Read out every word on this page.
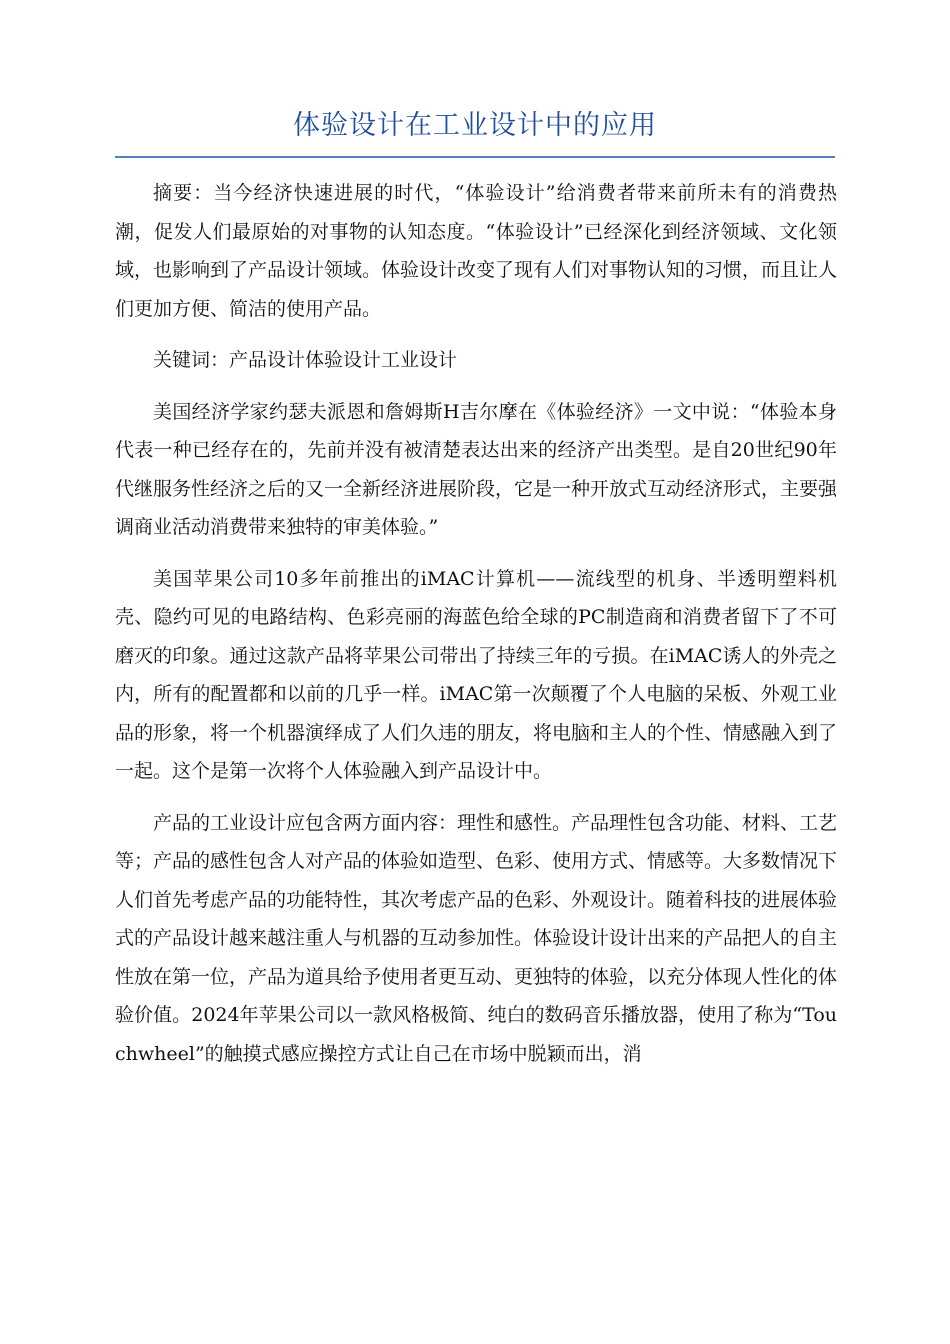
体验设计在工业设计中的应用

摘要：当今经济快速进展的时代，“体验设计”给消费者带来前所未有的消费热潮，促发人们最原始的对事物的认知态度。“体验设计”已经深化到经济领域、文化领域，也影响到了产品设计领域。体验设计改变了现有人们对事物认知的习惯，而且让人们更加方便、简洁的使用产品。

关键词：产品设计体验设计工业设计

美国经济学家约瑟夫派恩和詹姆斯H吉尔摩在《体验经济》一文中说：“体验本身代表一种已经存在的，先前并没有被清楚表达出来的经济产出类型。是自20世纪90年代继服务性经济之后的又一全新经济进展阶段，它是一种开放式互动经济形式，主要强调商业活动消费带来独特的审美体验。”

美国苹果公司10多年前推出的iMAC计算机——流线型的机身、半透明塑料机壳、隐约可见的电路结构、色彩亮丽的海蓝色给全球的PC制造商和消费者留下了不可磨灭的印象。通过这款产品将苹果公司带出了持续三年的亏损。在iMAC诱人的外壳之内，所有的配置都和以前的几乎一样。iMAC第一次颠覆了个人电脑的呆板、外观工业品的形象，将一个机器演绎成了人们久违的朋友，将电脑和主人的个性、情感融入到了一起。这个是第一次将个人体验融入到产品设计中。

产品的工业设计应包含两方面内容：理性和感性。产品理性包含功能、材料、工艺等；产品的感性包含人对产品的体验如造型、色彩、使用方式、情感等。大多数情况下人们首先考虑产品的功能特性，其次考虑产品的色彩、外观设计。随着科技的进展体验式的产品设计越来越注重人与机器的互动参加性。体验设计设计出来的产品把人的自主性放在第一位，产品为道具给予使用者更互动、更独特的体验，以充分体现人性化的体验价值。2024年苹果公司以一款风格极简、纯白的数码音乐播放器，使用了称为“Touchwheel”的触摸式感应操控方式让自己在市场中脱颖而出，消
